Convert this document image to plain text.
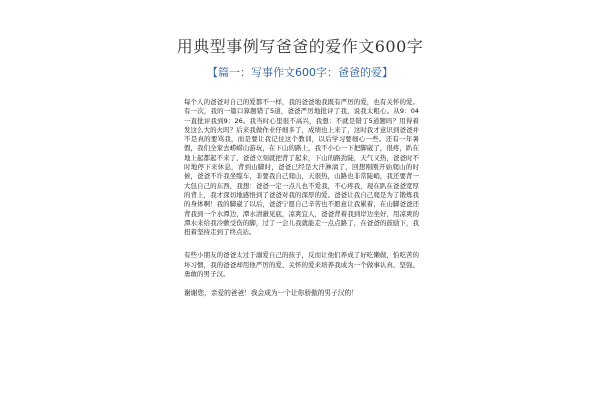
用典型事例写爸爸的爱作文600字
【篇一：写事作文600字：爸爸的爱】

每个人的爸爸对自己的爱都不一样，我的爸爸地我既有严厉的爱，也有关怀的爱。有一次，我的一篇口算题错了5道，爸爸严厉地批评了我，说我太粗心。从9：04一直批评我到9：26。我当时心里很不高兴，我想：不就是错了5道题吗？用得着发这么大的火吗？后来我做作业仔细多了，成绩也上来了，这时我才意识到爸爸并不是真的要骂我，而是要让我记住这个教训，以后学习要细心一些。还有一年暑假，我们全家去崂崂山游玩，在下山的路上，我不小心一下把脚崴了，很疼，趴在地上起都起不来了，爸爸立刻就把背了起来，下山的路劲陡，天气又热，爸爸时不时地停下来休息，背到山脚时，爸爸已经是大汗淋漓了，回想刚刚开始爬山的时候，爸爸不许我坐缆车，非要我自己爬山，天很热，山路也非常陡峭，我还要背一大包自己的东西，我想：爸爸一定一点儿也不爱我，不心疼我，现在趴在爸爸宽厚的背上，我才深切地感悟到了爸爸对我的深厚的爱。爸爸让我自己爬是为了锻炼我的身体啊！我的脚崴了以后，爸爸宁愿自己辛苦也不愿意让我累着，在山脚爸爸还背我到一个水潭边，潭水清澈见底，凉爽宜人，爸爸背着我到岸边坐好，用凉爽的潭水来给我冷敷受伤的脚，过了一会儿我就能走一点点路了，在爸爸的鼓励下，我扭着坚持走到了终点站。

有些小朋友的爸爸太过于溺爱自己的孩子，反而让他们养成了好吃懒做，怕吃苦的坏习惯，我的爸爸却用他严厉的爱、关怀的爱来培养我成为一个做事认真、坚强、勇敢的男子汉。

谢谢您，亲爱的爸爸！我会成为一个让你骄傲的男子汉的！
